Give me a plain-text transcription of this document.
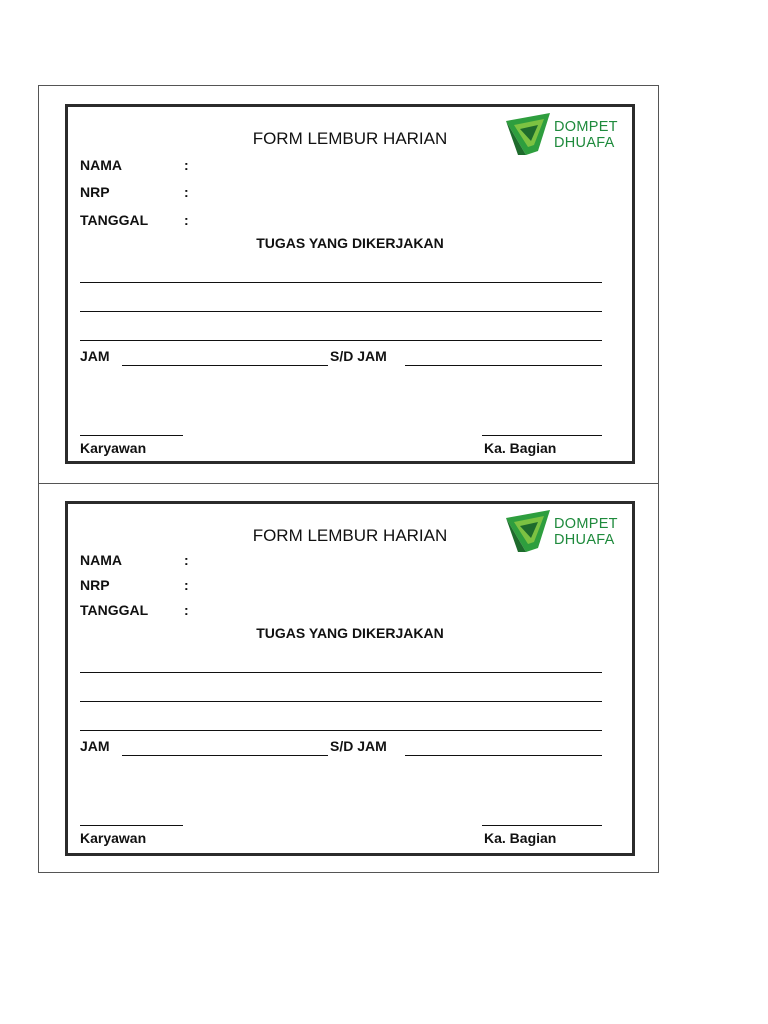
DOMPET
DHUAFA
FORM LEMBUR HARIAN
NAMA	:
NRP	:
TANGGAL	:
TUGAS YANG DIKERJAKAN
JAM	S/D JAM
Karyawan	Ka. Bagian
DOMPET
DHUAFA
FORM LEMBUR HARIAN
NAMA	:
NRP	:
TANGGAL	:
TUGAS YANG DIKERJAKAN
JAM	S/D JAM
Karyawan	Ka. Bagian
